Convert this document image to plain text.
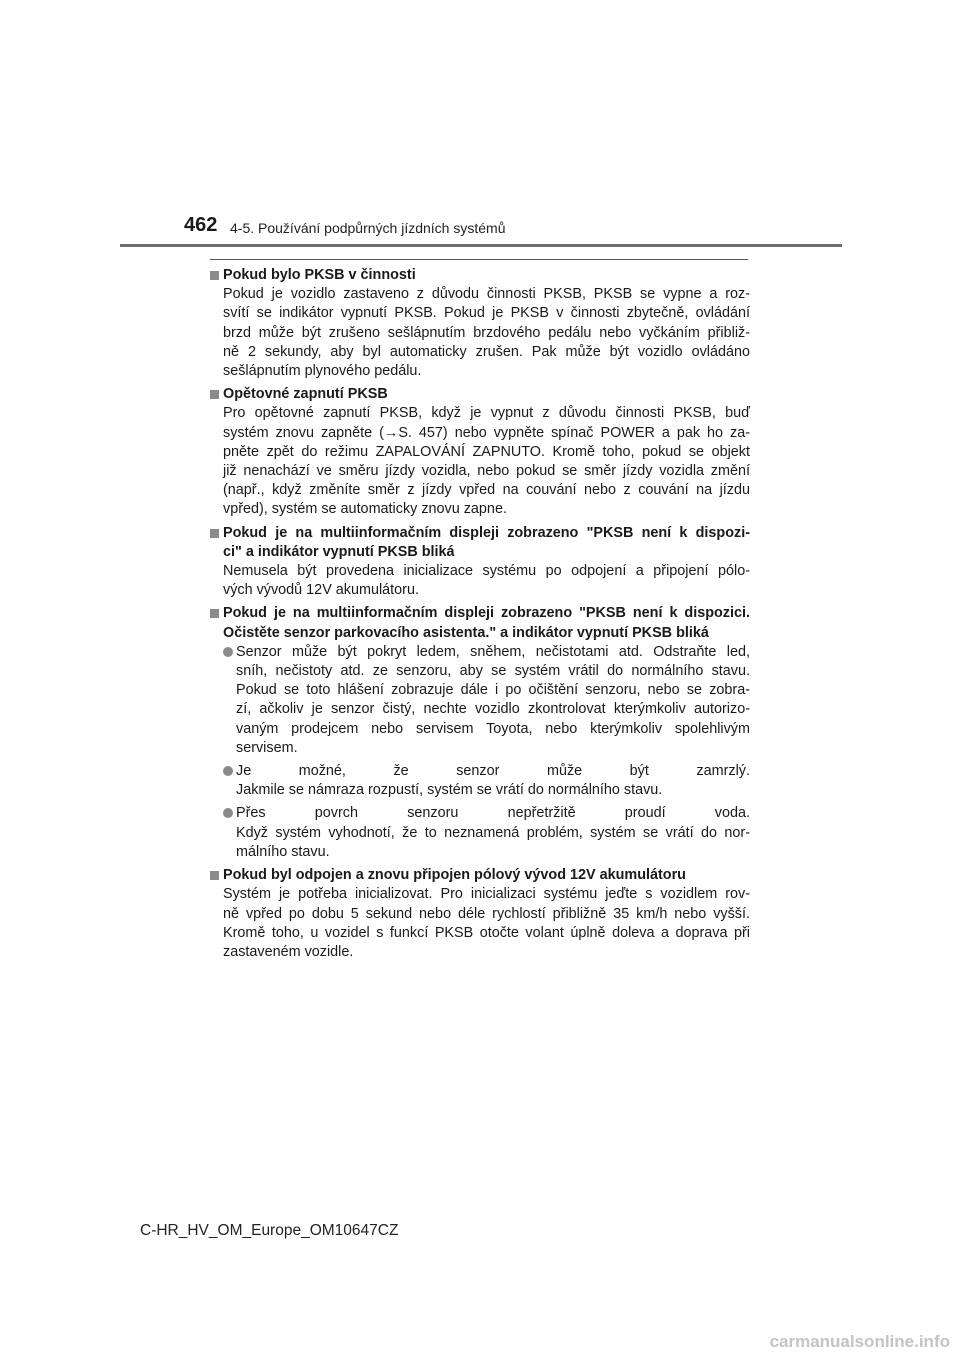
462 4-5. Používání podpůrných jízdních systémů
Pokud bylo PKSB v činnosti
Pokud je vozidlo zastaveno z důvodu činnosti PKSB, PKSB se vypne a roz-
svítí se indikátor vypnutí PKSB. Pokud je PKSB v činnosti zbytečně, ovládání
brzd může být zrušeno sešlápnutím brzdového pedálu nebo vyčkáním přibliž-
ně 2 sekundy, aby byl automaticky zrušen. Pak může být vozidlo ovládáno
sešlápnutím plynového pedálu.
Opětovné zapnutí PKSB
Pro opětovné zapnutí PKSB, když je vypnut z důvodu činnosti PKSB, buď
systém znovu zapněte (→S. 457) nebo vypněte spínač POWER a pak ho za-
pněte zpět do režimu ZAPALOVÁNÍ ZAPNUTO. Kromě toho, pokud se objekt
již nenachází ve směru jízdy vozidla, nebo pokud se směr jízdy vozidla změní
(např., když změníte směr z jízdy vpřed na couvání nebo z couvání na jízdu
vpřed), systém se automaticky znovu zapne.
Pokud je na multiinformačním displeji zobrazeno "PKSB není k dispozi-
ci" a indikátor vypnutí PKSB bliká
Nemusela být provedena inicializace systému po odpojení a připojení pólo-
vých vývodů 12V akumulátoru.
Pokud je na multiinformačním displeji zobrazeno "PKSB není k dispozici.
Očistěte senzor parkovacího asistenta." a indikátor vypnutí PKSB bliká
Senzor může být pokryt ledem, sněhem, nečistotami atd. Odstraňte led,
sníh, nečistoty atd. ze senzoru, aby se systém vrátil do normálního stavu.
Pokud se toto hlášení zobrazuje dále i po očištění senzoru, nebo se zobra-
zí, ačkoliv je senzor čistý, nechte vozidlo zkontrolovat kterýmkoliv autorizo-
vaným prodejcem nebo servisem Toyota, nebo kterýmkoliv spolehlivým
servisem.
Je možné, že senzor může být zamrzlý.
Jakmile se námraza rozpustí, systém se vrátí do normálního stavu.
Přes povrch senzoru nepřetržitě proudí voda.
Když systém vyhodnotí, že to neznamená problém, systém se vrátí do nor-
málního stavu.
Pokud byl odpojen a znovu připojen pólový vývod 12V akumulátoru
Systém je potřeba inicializovat. Pro inicializaci systému jeďte s vozidlem rov-
ně vpřed po dobu 5 sekund nebo déle rychlostí přibližně 35 km/h nebo vyšší.
Kromě toho, u vozidel s funkcí PKSB otočte volant úplně doleva a doprava při
zastaveném vozidle.
C-HR_HV_OM_Europe_OM10647CZ
carmanualsonline.info
